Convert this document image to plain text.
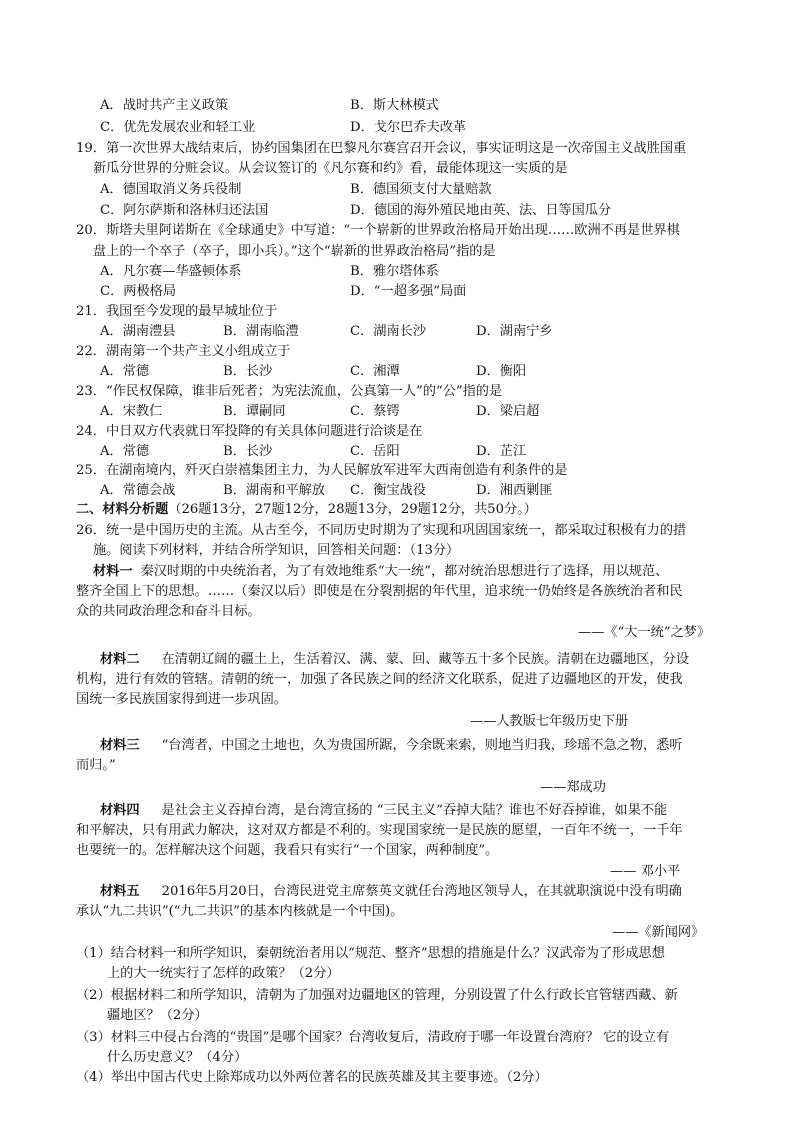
A．战时共产主义政策	B．斯大林模式
C．优先发展农业和轻工业	D．戈尔巴乔夫改革
19．第一次世界大战结束后，协约国集团在巴黎凡尔赛宫召开会议，事实证明这是一次帝国主义战胜国重
新瓜分世界的分赃会议。从会议签订的《凡尔赛和约》看，最能体现这一实质的是
A．德国取消义务兵役制	B．德国须支付大量赔款
C．阿尔萨斯和洛林归还法国	D．德国的海外殖民地由英、法、日等国瓜分
20．斯塔夫里阿诺斯在《全球通史》中写道：“一个崭新的世界政治格局开始出现……欧洲不再是世界棋
盘上的一个卒子（卒子，即小兵）。”这个“崭新的世界政治格局”指的是
A．凡尔赛—华盛顿体系	B．雅尔塔体系
C．两极格局	D．“一超多强”局面
21．我国至今发现的最早城址位于
A．湖南澧县	B．湖南临澧	C．湖南长沙	D．湖南宁乡
22．湖南第一个共产主义小组成立于
A．常德	B．长沙	C．湘潭	D．衡阳
23．“作民权保障，谁非后死者；为宪法流血，公真第一人”的“公”指的是
A．宋教仁	B．谭嗣同	C．蔡锷	D．梁启超
24．中日双方代表就日军投降的有关具体问题进行洽谈是在
A．常德	B．长沙	C．岳阳	D．芷江
25．在湖南境内，歼灭白崇禧集团主力，为人民解放军进军大西南创造有利条件的是
A．常德会战	B．湖南和平解放 C．衡宝战役	D．湘西剿匪
二、材料分析题（26题13分，27题12分，28题13分，29题12分，共50分。）
26．统一是中国历史的主流。从古至今，不同历史时期为了实现和巩固国家统一，都采取过积极有力的措
施。阅读下列材料，并结合所学知识，回答相关问题：（13分）
材料一 秦汉时期的中央统治者，为了有效地维系“大一统”，都对统治思想进行了选择，用以规范、
整齐全国上下的思想。……（秦汉以后）即使是在分裂割据的年代里，追求统一仍始终是各族统治者和民
众的共同政治理念和奋斗目标。
——《“大一统”之梦》
材料二 在清朝辽阔的疆土上，生活着汉、满、蒙、回、藏等五十多个民族。清朝在边疆地区，分设
机构，进行有效的管辖。清朝的统一，加强了各民族之间的经济文化联系，促进了边疆地区的开发，使我
国统一多民族国家得到进一步巩固。
——人教版七年级历史下册
材料三 “台湾者，中国之土地也，久为贵国所踞，今余既来索，则地当归我，珍瑶不急之物，悉听
而归。”
——郑成功
材料四 是社会主义吞掉台湾，是台湾宣扬的 “三民主义”吞掉大陆？谁也不好吞掉谁，如果不能
和平解决，只有用武力解决，这对双方都是不利的。实现国家统一是民族的愿望，一百年不统一，一千年
也要统一的。怎样解决这个问题，我看只有实行“一个国家，两种制度”。
—— 邓小平
材料五 2016年5月20日，台湾民进党主席蔡英文就任台湾地区领导人，在其就职演说中没有明确
承认“九二共识”(“九二共识”的基本内核就是一个中国)。
——《新闻网》
（1）结合材料一和所学知识，秦朝统治者用以“规范、整齐”思想的措施是什么？汉武帝为了形成思想
上的大一统实行了怎样的政策？（2分）
（2）根据材料二和所学知识，清朝为了加强对边疆地区的管理，分别设置了什么行政长官管辖西藏、新
疆地区？（2分）
（3）材料三中侵占台湾的“贵国”是哪个国家？台湾收复后，清政府于哪一年设置台湾府？ 它的设立有
什么历史意义？（4分）
（4）举出中国古代史上除郑成功以外两位著名的民族英雄及其主要事迹。（2分）
